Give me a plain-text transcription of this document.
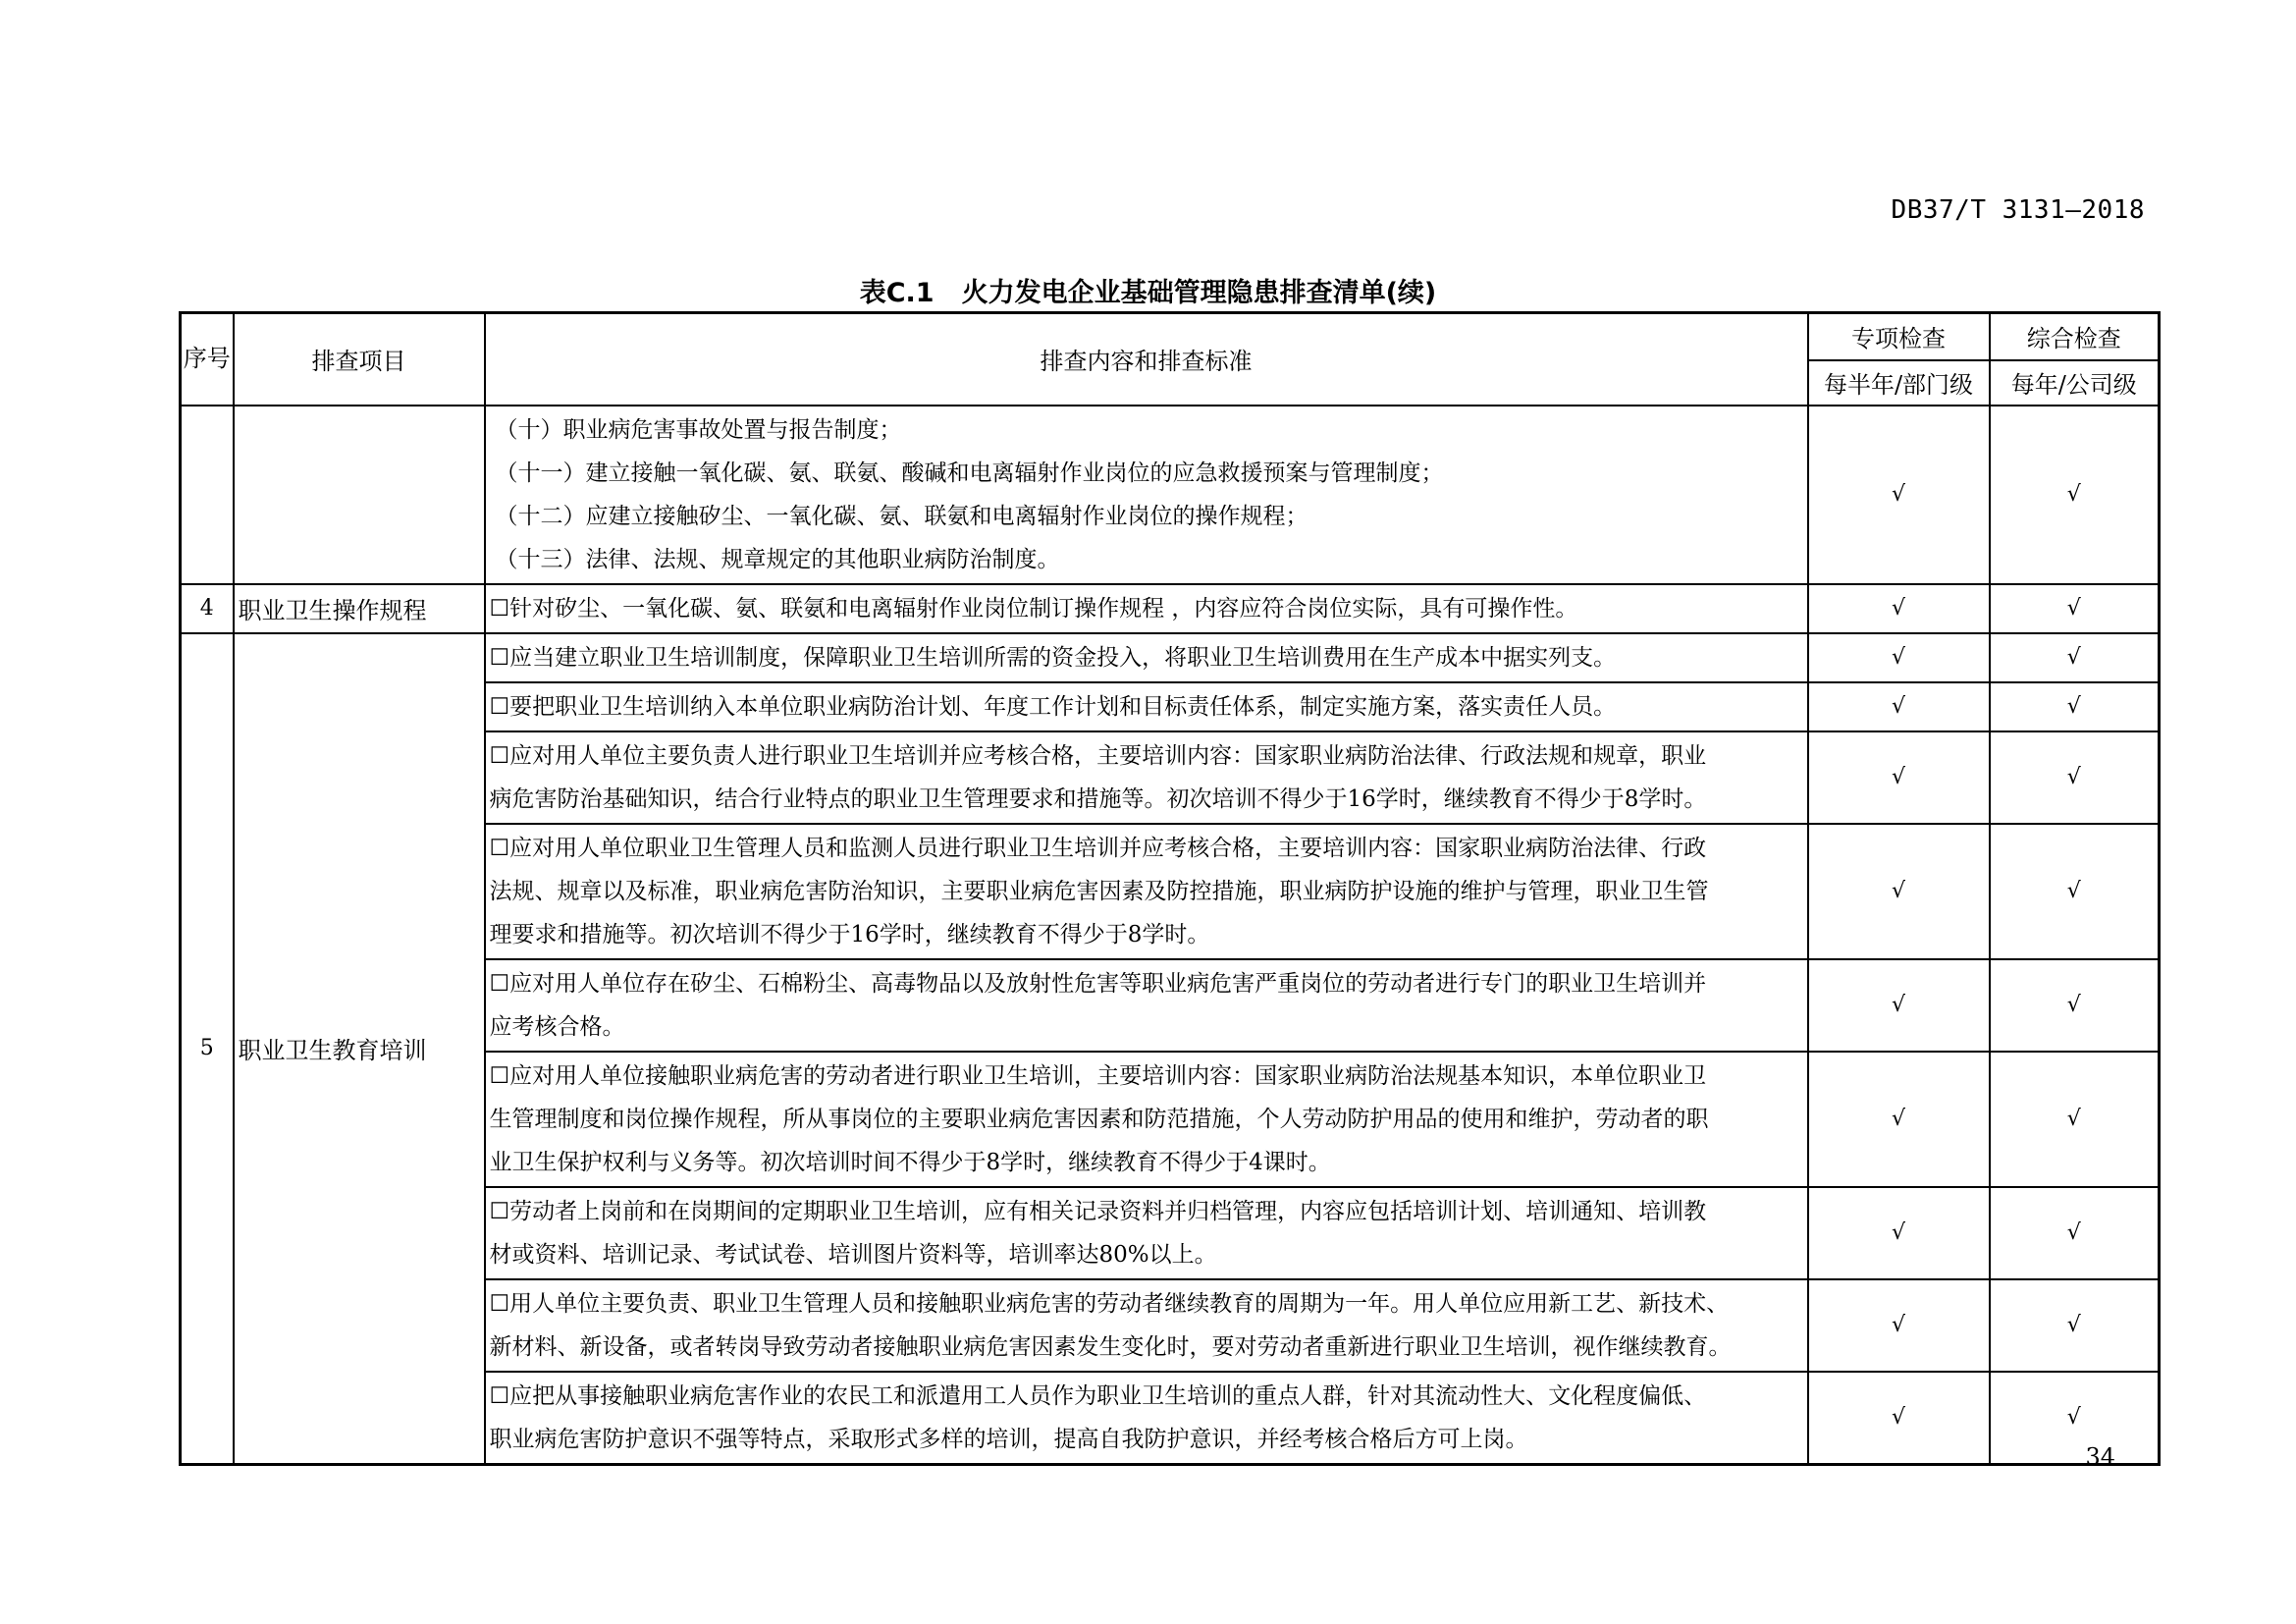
DB37/T 3131—2018
表C.1 火力发电企业基础管理隐患排查清单(续)
序号	排查项目	排查内容和排查标准	专项检查	综合检查
			每半年/部门级	每年/公司级

		（十）职业病危害事故处置与报告制度；
（十一）建立接触一氧化碳、氨、联氨、酸碱和电离辐射作业岗位的应急救援预案与管理制度；
（十二）应建立接触矽尘、一氧化碳、氨、联氨和电离辐射作业岗位的操作规程；
（十三）法律、法规、规章规定的其他职业病防治制度。	√	√
4	职业卫生操作规程	☐针对矽尘、一氧化碳、氨、联氨和电离辐射作业岗位制订操作规程 ，内容应符合岗位实际，具有可操作性。	√	√
5	职业卫生教育培训	☐应当建立职业卫生培训制度，保障职业卫生培训所需的资金投入，将职业卫生培训费用在生产成本中据实列支。	√	√

		☐要把职业卫生培训纳入本单位职业病防治计划、年度工作计划和目标责任体系，制定实施方案，落实责任人员。	√	√

		☐应对用人单位主要负责人进行职业卫生培训并应考核合格，主要培训内容：国家职业病防治法律、行政法规和规章，职业
病危害防治基础知识，结合行业特点的职业卫生管理要求和措施等。初次培训不得少于16学时，继续教育不得少于8学时。	√	√

		☐应对用人单位职业卫生管理人员和监测人员进行职业卫生培训并应考核合格，主要培训内容：国家职业病防治法律、行政
法规、规章以及标准，职业病危害防治知识，主要职业病危害因素及防控措施，职业病防护设施的维护与管理，职业卫生管
理要求和措施等。初次培训不得少于16学时，继续教育不得少于8学时。	√	√

		☐应对用人单位存在矽尘、石棉粉尘、高毒物品以及放射性危害等职业病危害严重岗位的劳动者进行专门的职业卫生培训并
应考核合格。	√	√

		☐应对用人单位接触职业病危害的劳动者进行职业卫生培训，主要培训内容：国家职业病防治法规基本知识，本单位职业卫
生管理制度和岗位操作规程，所从事岗位的主要职业病危害因素和防范措施，个人劳动防护用品的使用和维护，劳动者的职
业卫生保护权利与义务等。初次培训时间不得少于8学时，继续教育不得少于4课时。	√	√

		☐劳动者上岗前和在岗期间的定期职业卫生培训，应有相关记录资料并归档管理，内容应包括培训计划、培训通知、培训教
材或资料、培训记录、考试试卷、培训图片资料等，培训率达80%以上。	√	√

		☐用人单位主要负责、职业卫生管理人员和接触职业病危害的劳动者继续教育的周期为一年。用人单位应用新工艺、新技术、
新材料、新设备，或者转岗导致劳动者接触职业病危害因素发生变化时，要对劳动者重新进行职业卫生培训，视作继续教育。	√	√

		☐应把从事接触职业病危害作业的农民工和派遣用工人员作为职业卫生培训的重点人群，针对其流动性大、文化程度偏低、
职业病危害防护意识不强等特点，采取形式多样的培训，提高自我防护意识，并经考核合格后方可上岗。	√	√
34
